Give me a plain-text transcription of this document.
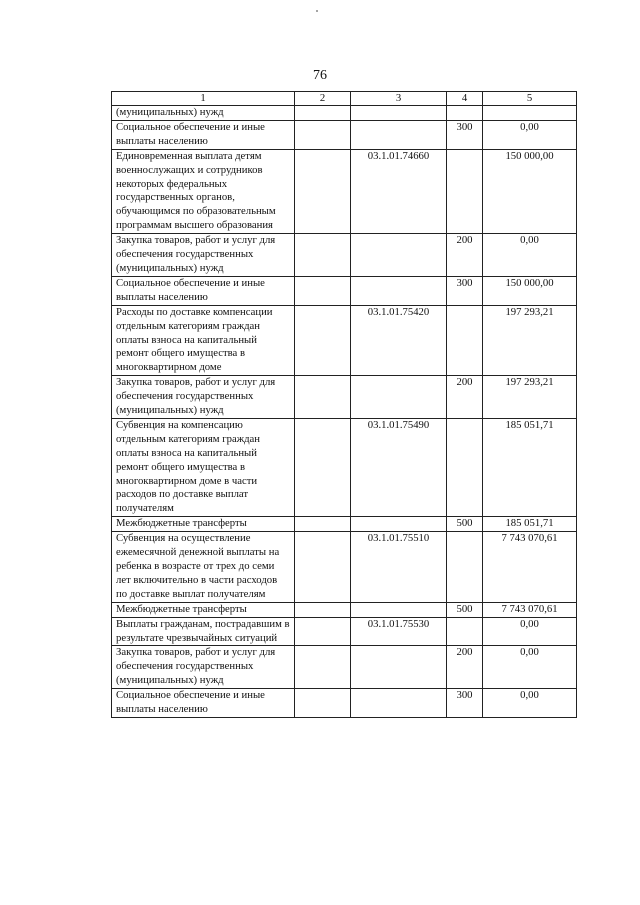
76
1	2	3	4	5
(муниципальных) нужд				
Социальное обеспечение и иные выплаты населению			300	0,00
Единовременная выплата детям военнослужащих и сотрудников некоторых федеральных государственных органов, обучающимся по образовательным программам высшего образования		03.1.01.74660		150 000,00
Закупка товаров, работ и услуг для обеспечения государственных (муниципальных) нужд			200	0,00
Социальное обеспечение и иные выплаты населению			300	150 000,00
Расходы по доставке компенсации отдельным категориям граждан оплаты взноса на капитальный ремонт общего имущества в многоквартирном доме		03.1.01.75420		197 293,21
Закупка товаров, работ и услуг для обеспечения государственных (муниципальных) нужд			200	197 293,21
Субвенция на компенсацию отдельным категориям граждан оплаты взноса на капитальный ремонт общего имущества в многоквартирном доме в части расходов по доставке выплат получателям		03.1.01.75490		185 051,71
Межбюджетные трансферты			500	185 051,71
Субвенция на осуществление ежемесячной денежной выплаты на ребенка в возрасте от трех до семи лет включительно в части расходов по доставке выплат получателям		03.1.01.75510		7 743 070,61
Межбюджетные трансферты			500	7 743 070,61
Выплаты гражданам, пострадавшим в результате чрезвычайных ситуаций		03.1.01.75530		0,00
Закупка товаров, работ и услуг для обеспечения государственных (муниципальных) нужд			200	0,00
Социальное обеспечение и иные выплаты населению			300	0,00
